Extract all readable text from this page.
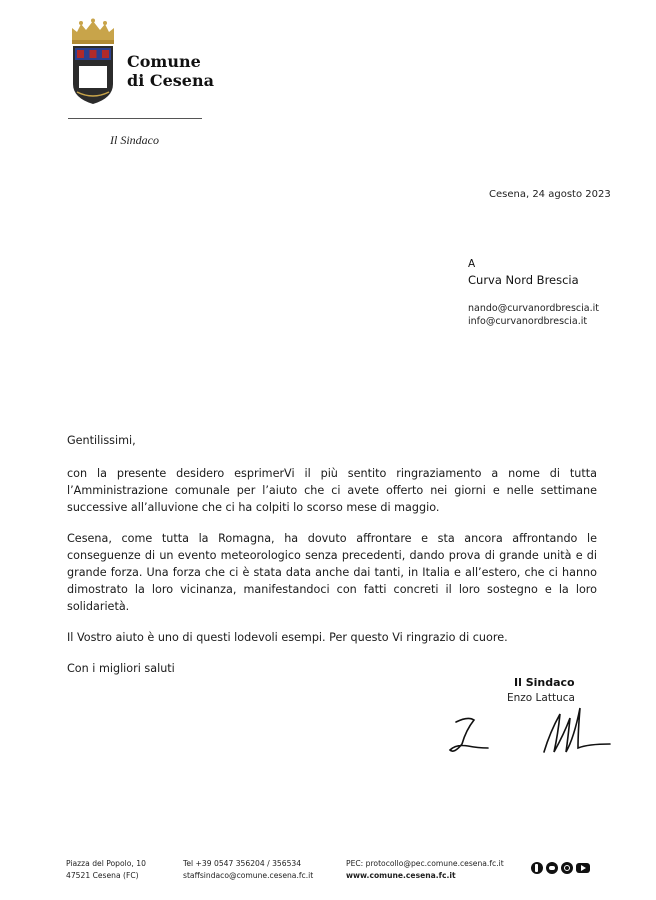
Comune
di Cesena
Il Sindaco
Cesena, 24 agosto 2023
A
Curva Nord Brescia
nando@curvanordbrescia.it
info@curvanordbrescia.it

Gentilissimi,

con la presente desidero esprimerVi il più sentito ringraziamento a nome di tutta l’Amministrazione comunale per l’aiuto che ci avete offerto nei giorni e nelle settimane successive all’alluvione che ci ha colpiti lo scorso mese di maggio.

Cesena, come tutta la Romagna, ha dovuto affrontare e sta ancora affrontando le conseguenze di un evento meteorologico senza precedenti, dando prova di grande unità e di grande forza. Una forza che ci è stata data anche dai tanti, in Italia e all’estero, che ci hanno dimostrato la loro vicinanza, manifestandoci con fatti concreti il loro sostegno e la loro solidarietà.

Il Vostro aiuto è uno di questi lodevoli esempi. Per questo Vi ringrazio di cuore.

Con i migliori saluti

Il Sindaco
Enzo Lattuca
Piazza del Popolo, 10
47521 Cesena (FC)
Tel +39 0547 356204 / 356534
staffsindaco@comune.cesena.fc.it
PEC: protocollo@pec.comune.cesena.fc.it
www.comune.cesena.fc.it
